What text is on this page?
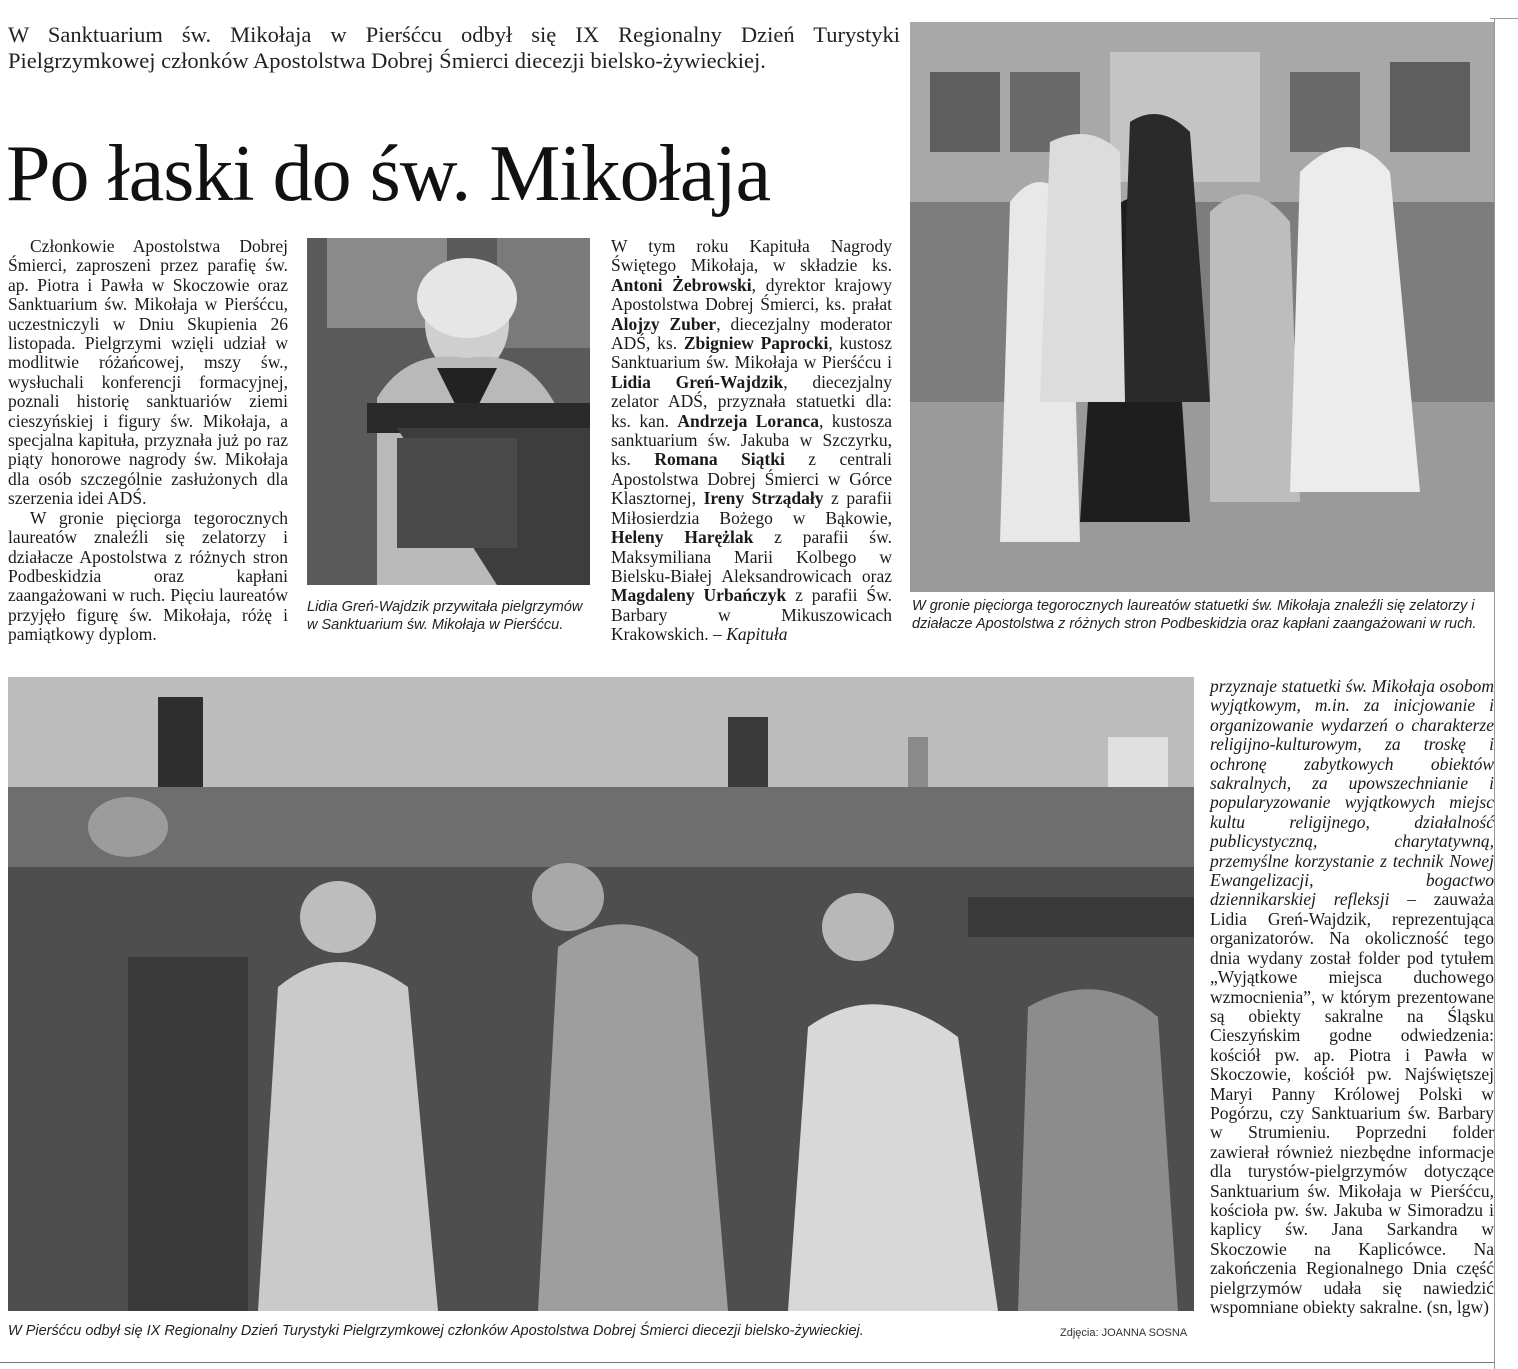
W Sanktuarium św. Mikołaja w Pierśćcu odbył się IX Regionalny Dzień Turystyki Pielgrzymkowej członków Apostolstwa Dobrej Śmierci diecezji bielsko-żywieckiej.
Po łaski do św. Mikołaja

Członkowie Apostolstwa Dobrej Śmierci, zaproszeni przez parafię św. ap. Piotra i Pawła w Skoczowie oraz Sanktuarium św. Mikołaja w Pierśćcu, uczestniczyli w Dniu Skupienia 26 listopada. Pielgrzymi wzięli udział w modlitwie różańcowej, mszy św., wysłuchali konferencji formacyjnej, poznali historię sanktuariów ziemi cieszyńskiej i figury św. Mikołaja, a specjalna kapituła, przyznała już po raz piąty honorowe nagrody św. Mikołaja dla osób szczególnie zasłużonych dla szerzenia idei ADŚ.

W gronie pięciorga tegorocznych laureatów znaleźli się zelatorzy i działacze Apostolstwa z różnych stron Podbeskidzia oraz kapłani zaangażowani w ruch. Pięciu laureatów przyjęło figurę św. Mikołaja, różę i pamiątkowy dyplom.

Lidia Greń-Wajdzik przywitała pielgrzymów w Sanktuarium św. Mikołaja w Pierśćcu.

W tym roku Kapituła Nagrody Świętego Mikołaja, w składzie ks. Antoni Żebrowski, dyrektor krajowy Apostolstwa Dobrej Śmierci, ks. prałat Alojzy Zuber, diecezjalny moderator ADŚ, ks. Zbigniew Paprocki, kustosz Sanktuarium św. Mikołaja w Pierśćcu i Lidia Greń-Wajdzik, diecezjalny zelator ADŚ, przyznała statuetki dla: ks. kan. Andrzeja Loranca, kustosza sanktuarium św. Jakuba w Szczyrku, ks. Romana Siątki z centrali Apostolstwa Dobrej Śmierci w Górce Klasztornej, Ireny Strządały z parafii Miłosierdzia Bożego w Bąkowie, Heleny Harężlak z parafii św. Maksymiliana Marii Kolbego w Bielsku-Białej Aleksandrowicach oraz Magdaleny Urbańczyk z parafii Św. Barbary w Mikuszowicach Krakowskich. – Kapituła

W gronie pięciorga tegorocznych laureatów statuetki św. Mikołaja znaleźli się zelatorzy i działacze Apostolstwa z różnych stron Podbeskidzia oraz kapłani zaangażowani w ruch.
W Pierśćcu odbył się IX Regionalny Dzień Turystyki Pielgrzymkowej członków Apostolstwa Dobrej Śmierci diecezji bielsko-żywieckiej.	Zdjęcia: JOANNA SOSNA

przyznaje statuetki św. Mikołaja osobom wyjątkowym, m.in. za inicjowanie i organizowanie wydarzeń o charakterze religijno-kulturowym, za troskę i ochronę zabytkowych obiektów sakralnych, za upowszechnianie i popularyzowanie wyjątkowych miejsc kultu religijnego, działalność publicystyczną, charytatywną, przemyślne korzystanie z technik Nowej Ewangelizacji, bogactwo dziennikarskiej refleksji – zauważa Lidia Greń-Wajdzik, reprezentująca organizatorów. Na okoliczność tego dnia wydany został folder pod tytułem „Wyjątkowe miejsca duchowego wzmocnienia”, w którym prezentowane są obiekty sakralne na Śląsku Cieszyńskim godne odwiedzenia: kościół pw. ap. Piotra i Pawła w Skoczowie, kościół pw. Najświętszej Maryi Panny Królowej Polski w Pogórzu, czy Sanktuarium św. Barbary w Strumieniu. Poprzedni folder zawierał również niezbędne informacje dla turystów-pielgrzymów dotyczące Sanktuarium św. Mikołaja w Pierśćcu, kościoła pw. św. Jakuba w Simoradzu i kaplicy św. Jana Sarkandra w Skoczowie na Kaplicówce. Na zakończenia Regionalnego Dnia część pielgrzymów udała się nawiedzić wspomniane obiekty sakralne. (sn, lgw)
